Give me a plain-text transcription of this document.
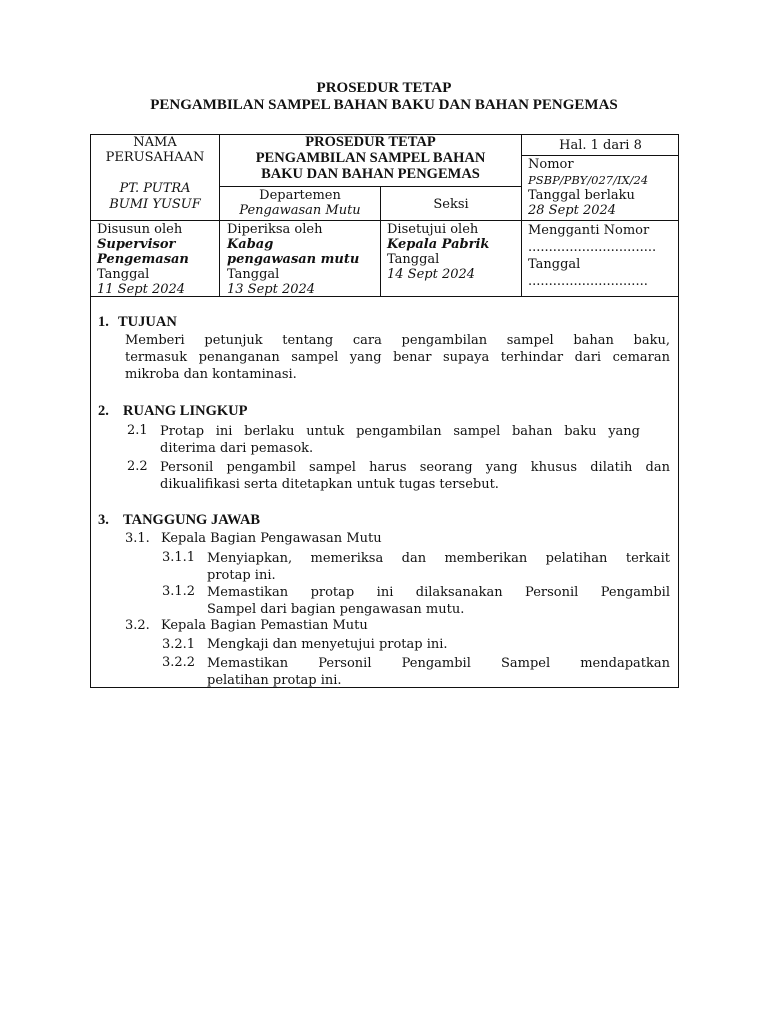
PROSEDUR TETAP
PENGAMBILAN SAMPEL BAHAN BAKU DAN BAHAN PENGEMAS
NAMA
PERUSAHAAN
PT. PUTRA
BUMI YUSUF
PROSEDUR TETAP
PENGAMBILAN SAMPEL BAHAN
BAKU DAN BAHAN PENGEMAS
Hal. 1 dari 8
Nomor
PSBP/PBY/027/IX/24
Tanggal berlaku
28 Sept 2024
Departemen
Pengawasan Mutu	Seksi
Disusun oleh
Supervisor
Pengemasan
Tanggal
11 Sept 2024
Diperiksa oleh
Kabag
pengawasan mutu
Tanggal
13 Sept 2024
Disetujui oleh
Kepala Pabrik
Tanggal
14 Sept 2024
Mengganti Nomor
...............................
Tanggal
.............................
1. TUJUAN
Memberi petunjuk tentang cara pengambilan sampel bahan baku,
termasuk penanganan sampel yang benar supaya terhindar dari cemaran
mikroba dan kontaminasi.
2. RUANG LINGKUP
2.1 Protap ini berlaku untuk pengambilan sampel bahan baku yang
diterima dari pemasok.
2.2 Personil pengambil sampel harus seorang yang khusus dilatih dan
dikualifikasi serta ditetapkan untuk tugas tersebut.
3. TANGGUNG JAWAB
3.1. Kepala Bagian Pengawasan Mutu
3.1.1 Menyiapkan, memeriksa dan memberikan pelatihan terkait
protap ini.
3.1.2 Memastikan protap ini dilaksanakan Personil Pengambil
Sampel dari bagian pengawasan mutu.
3.2. Kepala Bagian Pemastian Mutu
3.2.1 Mengkaji dan menyetujui protap ini.
3.2.2 Memastikan Personil Pengambil Sampel mendapatkan
pelatihan protap ini.
